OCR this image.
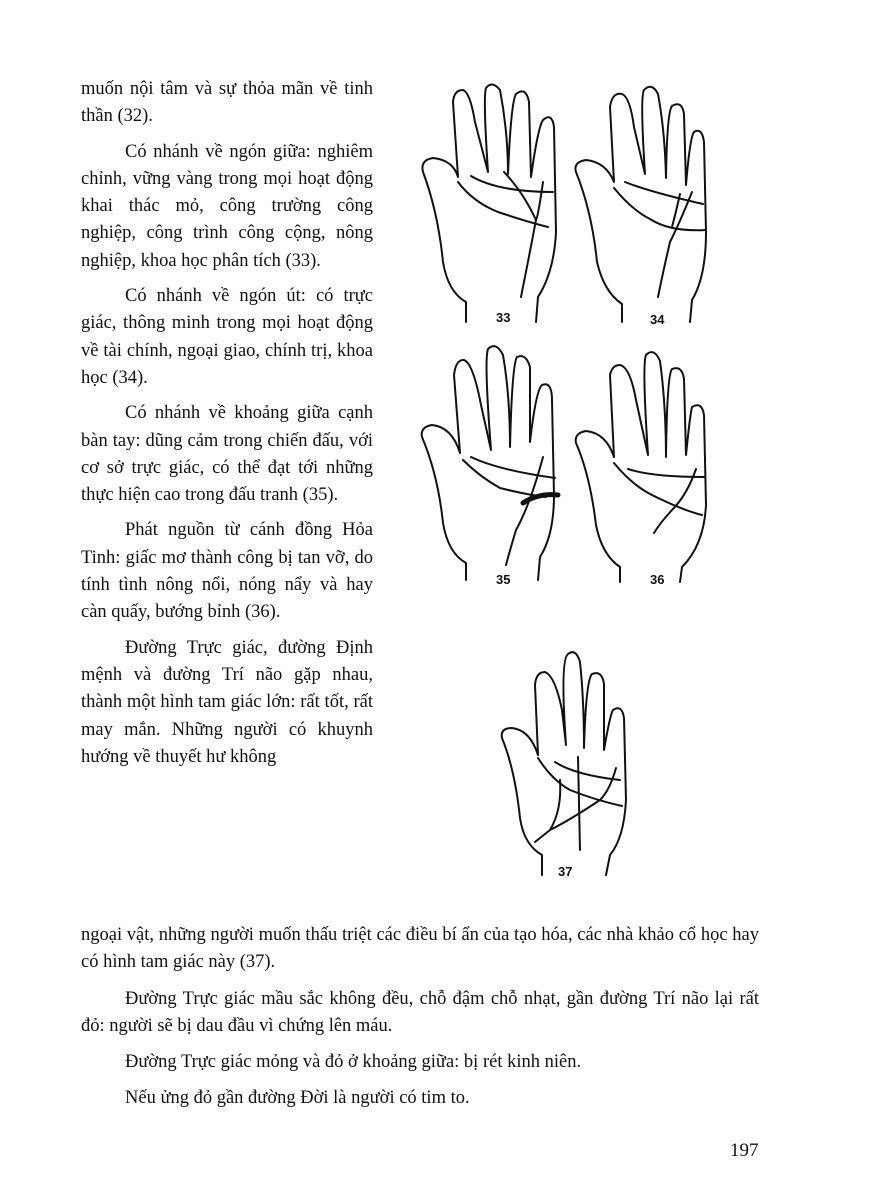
muốn nội tâm và sự thỏa mãn về tinh thần (32).

Có nhánh về ngón giữa: nghiêm chỉnh, vững vàng trong mọi hoạt động khai thác mỏ, công trường công nghiệp, công trình công cộng, nông nghiệp, khoa học phân tích (33).

Có nhánh về ngón út: có trực giác, thông minh trong mọi hoạt động về tài chính, ngoại giao, chính trị, khoa học (34).

Có nhánh về khoảng giữa cạnh bàn tay: dũng cảm trong chiến đấu, với cơ sở trực giác, có thể đạt tới những thực hiện cao trong đấu tranh (35).

Phát nguồn từ cánh đồng Hỏa Tinh: giấc mơ thành công bị tan vỡ, do tính tình nông nổi, nóng nẩy và hay càn quấy, bướng bỉnh (36).

Đường Trực giác, đường Định mệnh và đường Trí não gặp nhau, thành một hình tam giác lớn: rất tốt, rất may mắn. Những người có khuynh hướng về thuyết hư không

ngoại vật, những người muốn thấu triệt các điều bí ẩn của tạo hóa, các nhà khảo cổ học hay có hình tam giác này (37).

Đường Trực giác mầu sắc không đều, chỗ đậm chỗ nhạt, gần đường Trí não lại rất đỏ: người sẽ bị dau đầu vì chứng lên máu.

Đường Trực giác mỏng và đỏ ở khoảng giữa: bị rét kinh niên.

Nếu ửng đỏ gần đường Đời là người có tim to.

33	34
35	36
37
197
